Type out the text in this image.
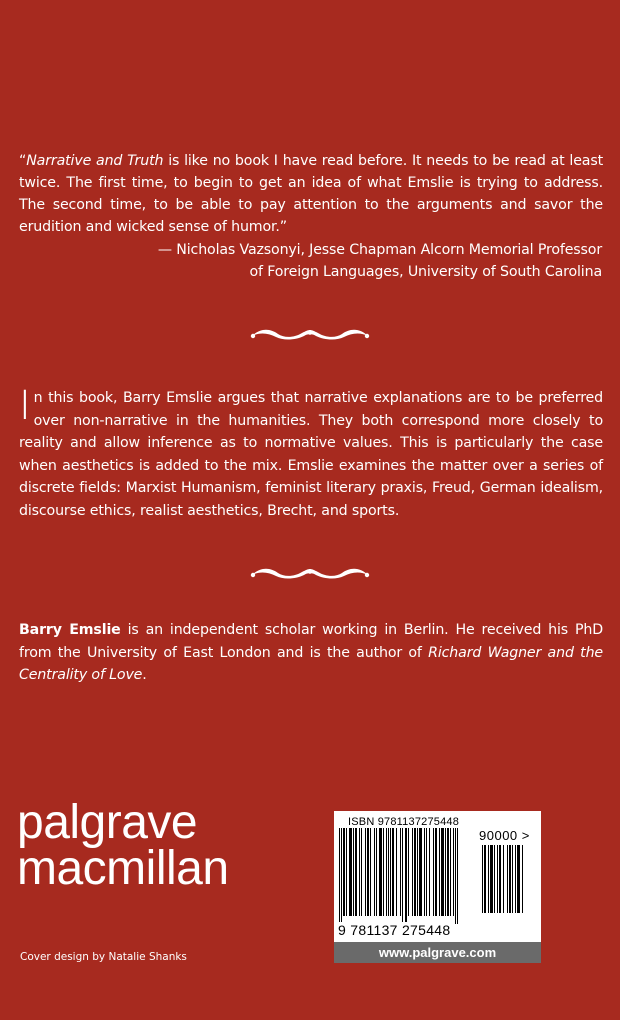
“Narrative and Truth is like no book I have read before. It needs to be read at least twice. The first time, to begin to get an idea of what Emslie is trying to address. The second time, to be able to pay attention to the arguments and savor the erudition and wicked sense of humor.”
— Nicholas Vazsonyi, Jesse Chapman Alcorn Memorial Professor
of Foreign Languages, University of South Carolina
In this book, Barry Emslie argues that narrative explanations are to be preferred over non-narrative in the humanities. They both correspond more closely to reality and allow inference as to normative values. This is particularly the case when aesthetics is added to the mix. Emslie examines the matter over a series of discrete fields: Marxist Humanism, feminist literary praxis, Freud, German idealism, discourse ethics, realist aesthetics, Brecht, and sports.
Barry Emslie is an independent scholar working in Berlin. He received his PhD from the University of East London and is the author of Richard Wagner and the Centrality of Love.
palgrave
macmillan
Cover design by Natalie Shanks
ISBN 9781137275448
90000 >
9 781137 275448
www.palgrave.com
